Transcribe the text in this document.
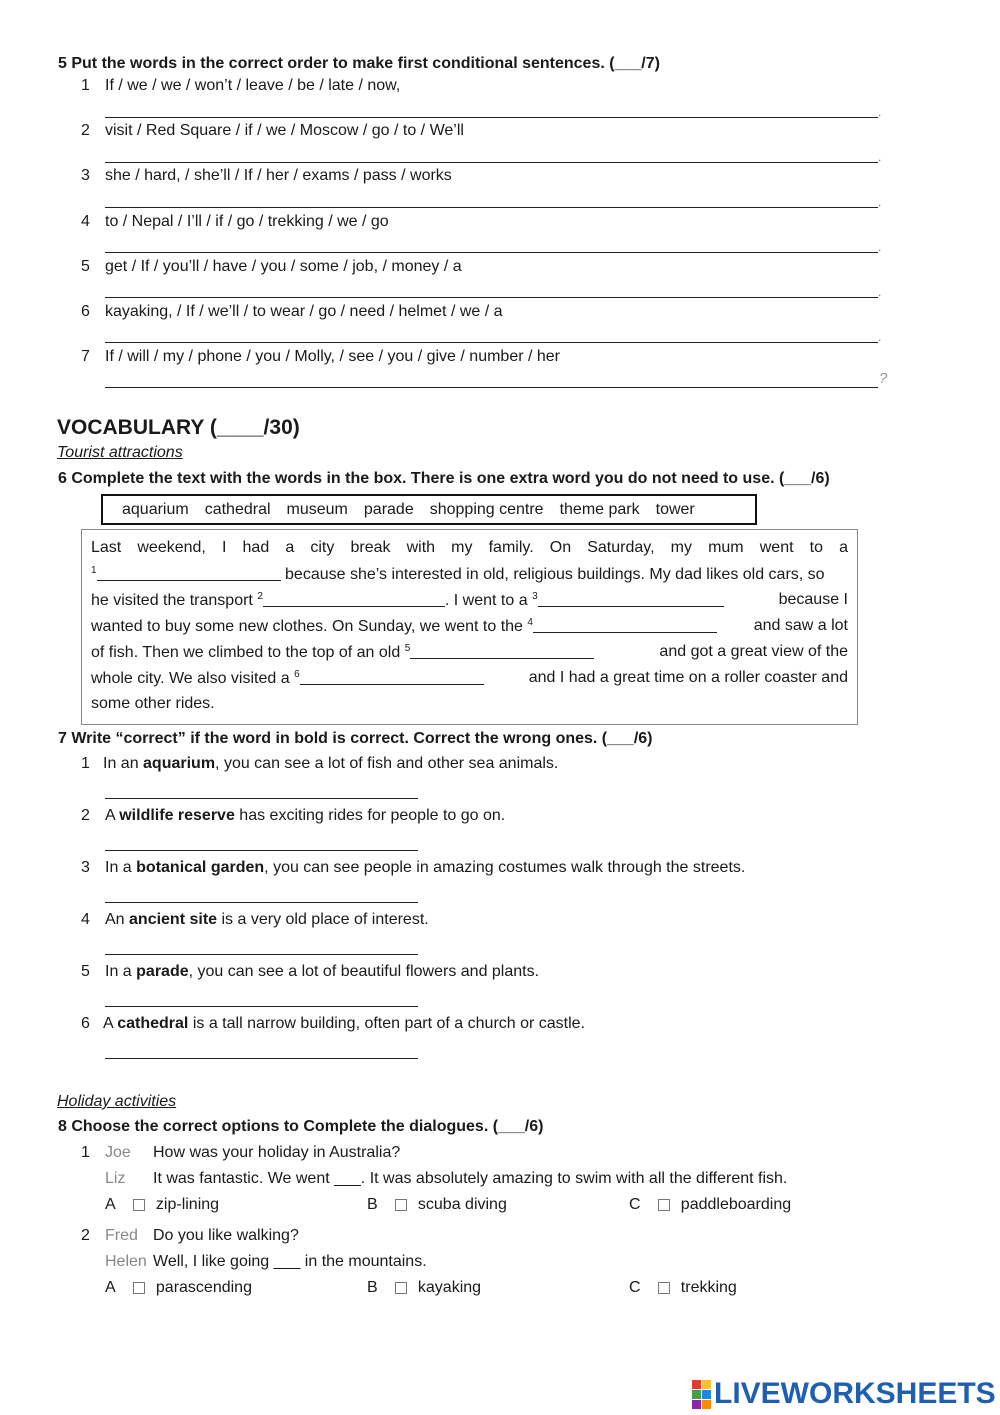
5 Put the words in the correct order to make first conditional sentences. (___/7)
1 If / we / we / won’t / leave / be / late / now,
.
2 visit / Red Square / if / we / Moscow / go / to / We’ll
.
3 she / hard, / she’ll / If / her / exams / pass / works
.
4 to / Nepal / I’ll / if / go / trekking / we / go
.
5 get / If / you’ll / have / you / some / job, / money / a
.
6 kayaking, / If / we’ll / to wear / go / need / helmet / we / a
.
7 If / will / my / phone / you / Molly, / see / you / give / number / her
?
VOCABULARY (____/30)
Tourist attractions
6 Complete the text with the words in the box. There is one extra word you do not need to use. (___/6)
aquarium cathedral museum parade shopping centre theme park tower
Last weekend, I had a city break with my family. On Saturday, my mum went to a
$^1$	because she’s interested in old, religious buildings. My dad likes old cars, so
he visited the transport $^2$	. I went to a $^3$	because I
wanted to buy some new clothes. On Sunday, we went to the $^4$	and saw a lot
of fish. Then we climbed to the top of an old $^5$	and got a great view of the
whole city. We also visited a $^6$	and I had a great time on a roller coaster and
some other rides.
7 Write “correct” if the word in bold is correct. Correct the wrong ones. (___/6)
1 In an aquarium, you can see a lot of fish and other sea animals.
2 A wildlife reserve has exciting rides for people to go on.
3 In a botanical garden, you can see people in amazing costumes walk through the streets.
4 An ancient site is a very old place of interest.
5 In a parade, you can see a lot of beautiful flowers and plants.
6 A cathedral is a tall narrow building, often part of a church or castle.
Holiday activities
8 Choose the correct options to Complete the dialogues. (___/6)
1 Joe How was your holiday in Australia?
Liz It was fantastic. We went ___. It was absolutely amazing to swim with all the different fish.
A	zip-lining	B	scuba diving	C	paddleboarding
2 Fred Do you like walking?
Helen Well, I like going ___ in the mountains.
A	parascending	B	kayaking	C	trekking
LIVEWORKSHEETS
